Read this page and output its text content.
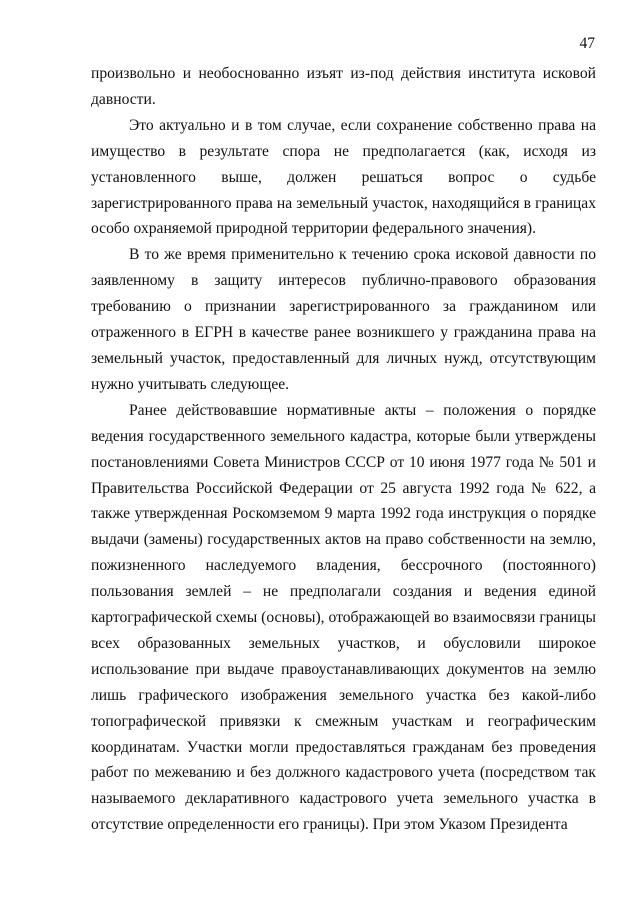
47

произвольно и необоснованно изъят из-под действия института исковой давности.

Это актуально и в том случае, если сохранение собственно права на имущество в результате спора не предполагается (как, исходя из установленного выше, должен решаться вопрос о судьбе зарегистрированного права на земельный участок, находящийся в границах особо охраняемой природной территории федерального значения).

В то же время применительно к течению срока исковой давности по заявленному в защиту интересов публично-правового образования требованию о признании зарегистрированного за гражданином или отраженного в ЕГРН в качестве ранее возникшего у гражданина права на земельный участок, предоставленный для личных нужд, отсутствующим нужно учитывать следующее.

Ранее действовавшие нормативные акты – положения о порядке ведения государственного земельного кадастра, которые были утверждены постановлениями Совета Министров СССР от 10 июня 1977 года № 501 и Правительства Российской Федерации от 25 августа 1992 года № 622, а также утвержденная Роскомземом 9 марта 1992 года инструкция о порядке выдачи (замены) государственных актов на право собственности на землю, пожизненного наследуемого владения, бессрочного (постоянного) пользования землей – не предполагали создания и ведения единой картографической схемы (основы), отображающей во взаимосвязи границы всех образованных земельных участков, и обусловили широкое использование при выдаче правоустанавливающих документов на землю лишь графического изображения земельного участка без какой-либо топографической привязки к смежным участкам и географическим координатам. Участки могли предоставляться гражданам без проведения работ по межеванию и без должного кадастрового учета (посредством так называемого декларативного кадастрового учета земельного участка в отсутствие определенности его границы). При этом Указом Президента
